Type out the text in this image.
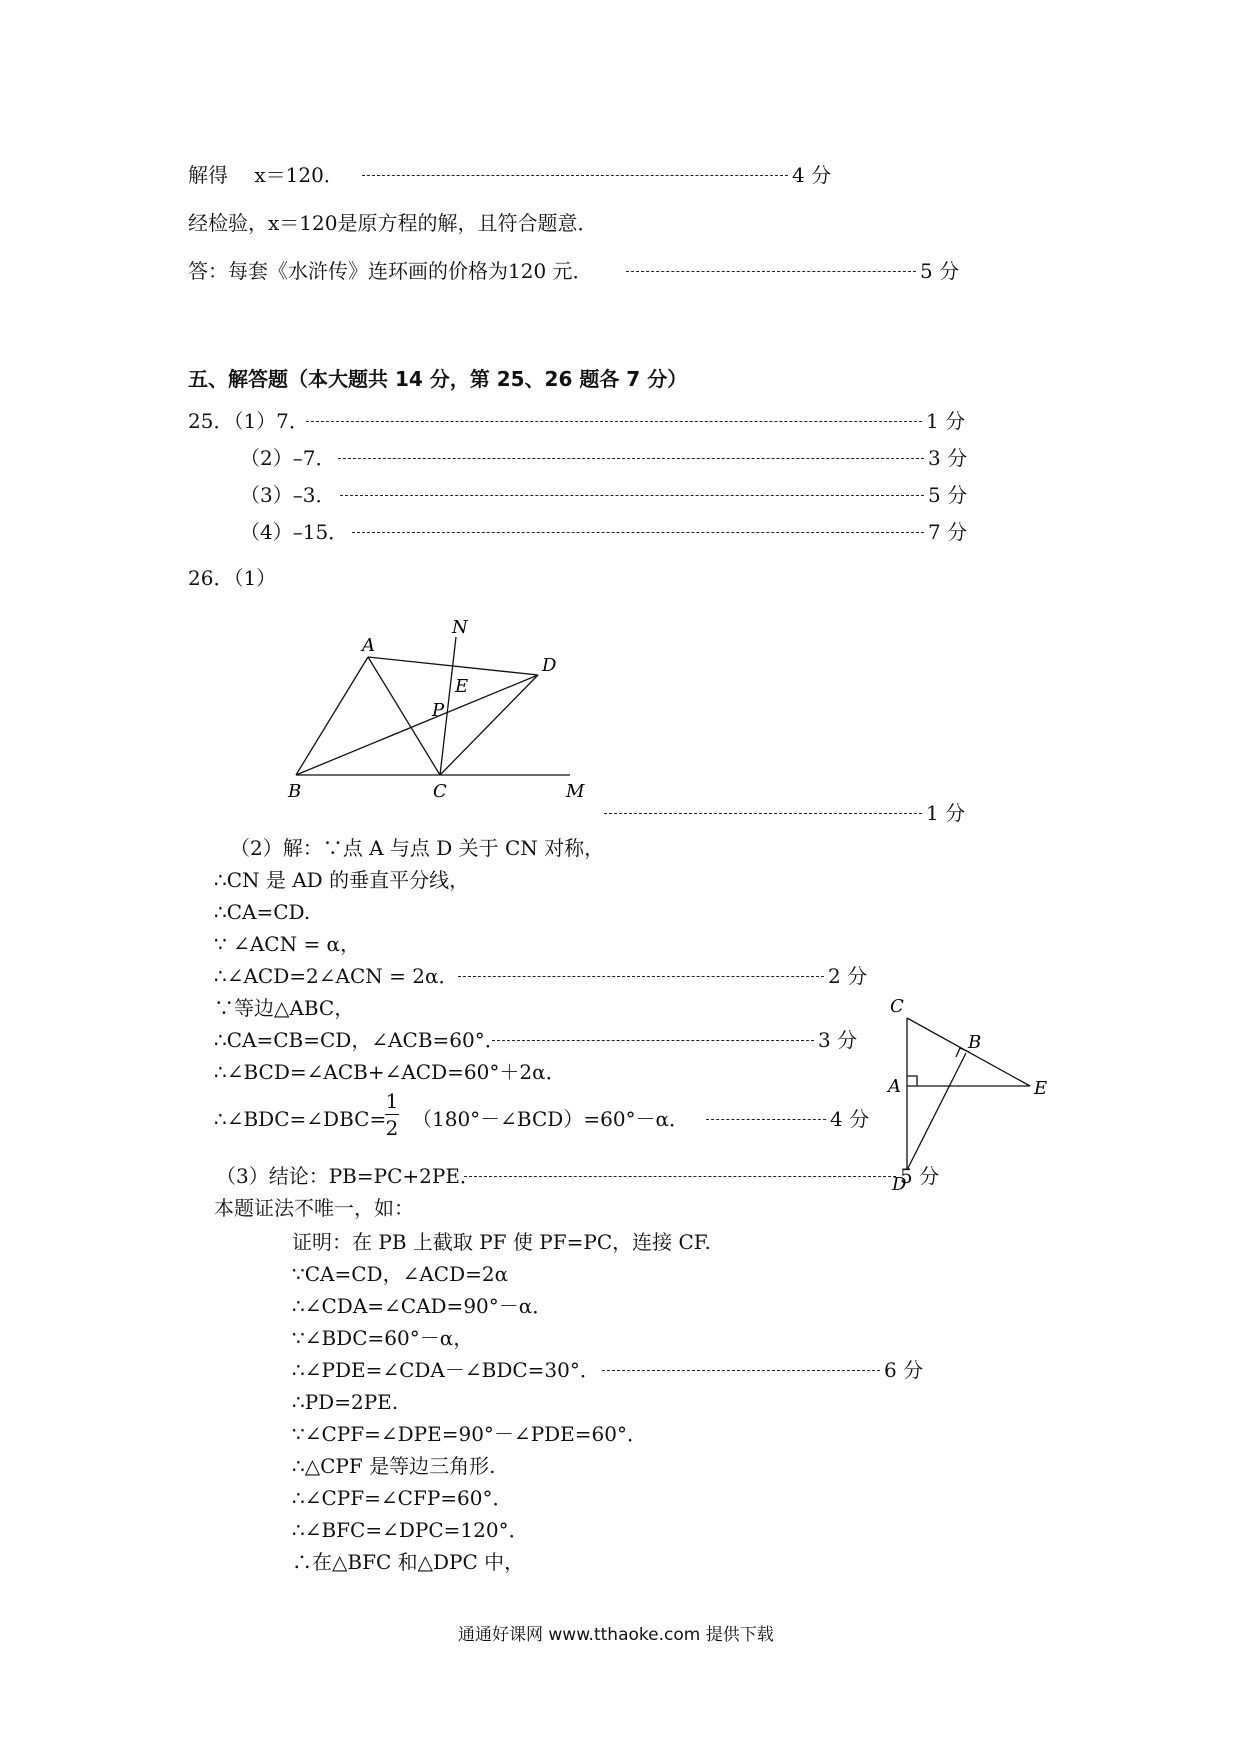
解得　 x＝120．	4 分
经检验，x＝120是原方程的解，且符合题意．
答：每套《水浒传》连环画的价格为120 元．	5 分
五、解答题（本大题共 14 分，第 25、26 题各 7 分）
25．（1）7．	1 分
（2）–7．	3 分
（3）–3．	5 分
（4）–15．	7 分
26．（1）
A
N
D
E
P
B	C	M
1 分
（2）解：∵点 A 与点 D 关于 CN 对称，
∴CN 是 AD 的垂直平分线，
∴CA=CD.
∵ ∠ACN = α，
∴∠ACD=2∠ACN = 2α．	2 分
∵等边△ABC，
∴CA=CB=CD，∠ACB=60°．	3 分
∴∠BCD=∠ACB+∠ACD=60°＋2α．
∴∠BDC=∠DBC=
1
2 （180°－∠BCD）=60°－α．	4 分
（3）结论：PB=PC+2PE．	5 分
本题证法不唯一，如：
C
B
A	E
D
证明：在 PB 上截取 PF 使 PF=PC，连接 CF.
∵CA=CD，∠ACD=2α
∴∠CDA=∠CAD=90°－α．
∵∠BDC=60°－α，
∴∠PDE=∠CDA－∠BDC=30°．	6 分
∴PD=2PE.
∵∠CPF=∠DPE=90°－∠PDE=60°．
∴△CPF 是等边三角形.
∴∠CPF=∠CFP=60°．
∴∠BFC=∠DPC=120°．
∴在△BFC 和△DPC 中，
通通好课网 www.tthaoke.com 提供下载
